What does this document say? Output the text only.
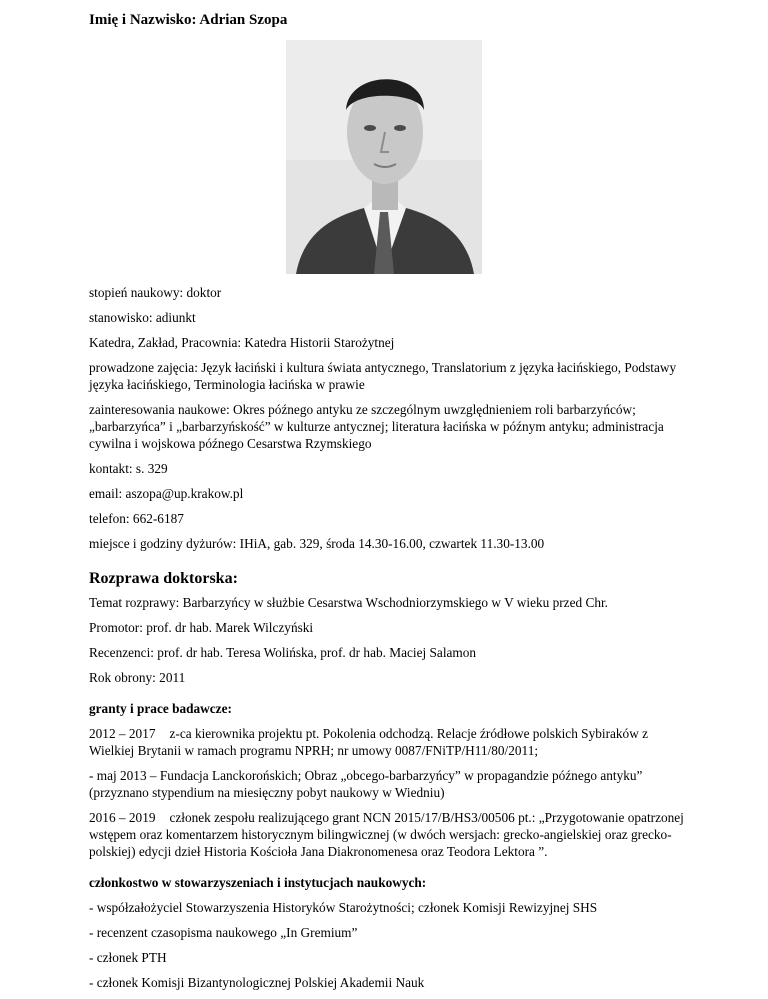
Imię i Nazwisko: Adrian Szopa

stopień naukowy: doktor

stanowisko: adiunkt

Katedra, Zakład, Pracownia: Katedra Historii Starożytnej

prowadzone zajęcia: Język łaciński i kultura świata antycznego, Translatorium z języka łacińskiego, Podstawy języka łacińskiego, Terminologia łacińska w prawie

zainteresowania naukowe: Okres późnego antyku ze szczególnym uwzględnieniem roli barbarzyńców; „barbarzyńca” i „barbarzyńskość” w kulturze antycznej; literatura łacińska w późnym antyku; administracja cywilna i wojskowa późnego Cesarstwa Rzymskiego

kontakt: s. 329

email: aszopa@up.krakow.pl

telefon: 662-6187

miejsce i godziny dyżurów: IHiA, gab. 329, środa 14.30-16.00, czwartek 11.30-13.00

Rozprawa doktorska:

Temat rozprawy: Barbarzyńcy w służbie Cesarstwa Wschodniorzymskiego w V wieku przed Chr.

Promotor: prof. dr hab. Marek Wilczyński

Recenzenci: prof. dr hab. Teresa Wolińska, prof. dr hab. Maciej Salamon

Rok obrony: 2011

granty i prace badawcze:

2012 – 2017 z-ca kierownika projektu pt. Pokolenia odchodzą. Relacje źródłowe polskich Sybiraków z Wielkiej Brytanii w ramach programu NPRH; nr umowy 0087/FNiTP/H11/80/2011;

- maj 2013 – Fundacja Lanckorońskich; Obraz „obcego-barbarzyńcy” w propagandzie późnego antyku” (przyznano stypendium na miesięczny pobyt naukowy w Wiedniu)

2016 – 2019 członek zespołu realizującego grant NCN 2015/17/B/HS3/00506 pt.: „Przygotowanie opatrzonej wstępem oraz komentarzem historycznym bilingwicznej (w dwóch wersjach: grecko-angielskiej oraz grecko-polskiej) edycji dzieł Historia Kościoła Jana Diakronomenesa oraz Teodora Lektora ”.

członkostwo w stowarzyszeniach i instytucjach naukowych:

- współzałożyciel Stowarzyszenia Historyków Starożytności; członek Komisji Rewizyjnej SHS

- recenzent czasopisma naukowego „In Gremium”

- członek PTH

- członek Komisji Bizantynologicznej Polskiej Akademii Nauk
